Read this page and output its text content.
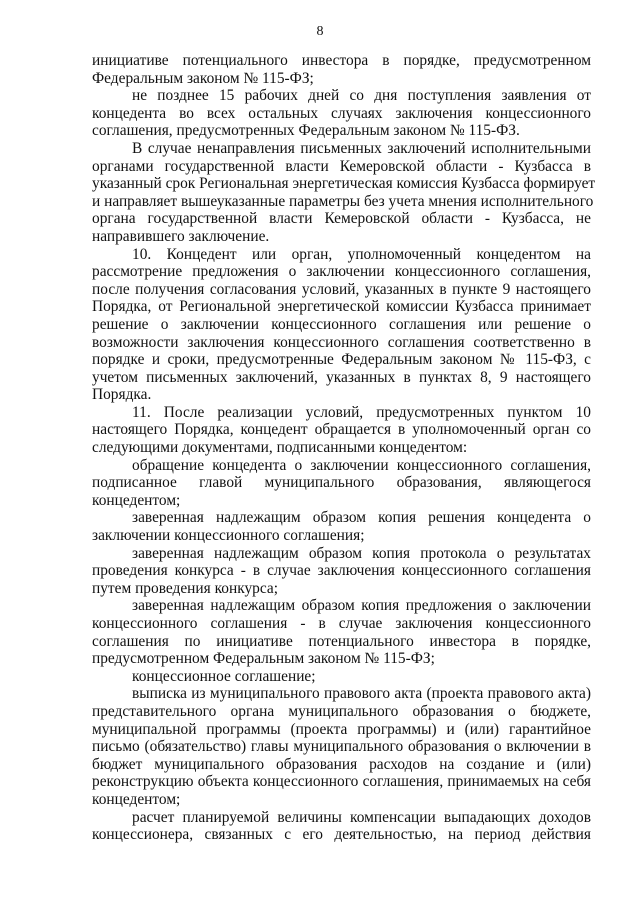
8
инициативе потенциального инвестора в порядке, предусмотренном
Федеральным законом № 115-ФЗ;
не позднее 15 рабочих дней со дня поступления заявления от
концедента во всех остальных случаях заключения концессионного
соглашения, предусмотренных Федеральным законом № 115-ФЗ.
В случае ненаправления письменных заключений исполнительными
органами государственной власти Кемеровской области - Кузбасса в
указанный срок Региональная энергетическая комиссия Кузбасса формирует
и направляет вышеуказанные параметры без учета мнения исполнительного
органа государственной власти Кемеровской области - Кузбасса, не
направившего заключение.
10. Концедент или орган, уполномоченный концедентом на
рассмотрение предложения о заключении концессионного соглашения,
после получения согласования условий, указанных в пункте 9 настоящего
Порядка, от Региональной энергетической комиссии Кузбасса принимает
решение о заключении концессионного соглашения или решение о
возможности заключения концессионного соглашения соответственно в
порядке и сроки, предусмотренные Федеральным законом № 115-ФЗ, с
учетом письменных заключений, указанных в пунктах 8, 9 настоящего
Порядка.
11. После реализации условий, предусмотренных пунктом 10
настоящего Порядка, концедент обращается в уполномоченный орган со
следующими документами, подписанными концедентом:
обращение концедента о заключении концессионного соглашения,
подписанное главой муниципального образования, являющегося
концедентом;
заверенная надлежащим образом копия решения концедента о
заключении концессионного соглашения;
заверенная надлежащим образом копия протокола о результатах
проведения конкурса - в случае заключения концессионного соглашения
путем проведения конкурса;
заверенная надлежащим образом копия предложения о заключении
концессионного соглашения - в случае заключения концессионного
соглашения по инициативе потенциального инвестора в порядке,
предусмотренном Федеральным законом № 115-ФЗ;
концессионное соглашение;
выписка из муниципального правового акта (проекта правового акта)
представительного органа муниципального образования о бюджете,
муниципальной программы (проекта программы) и (или) гарантийное
письмо (обязательство) главы муниципального образования о включении в
бюджет муниципального образования расходов на создание и (или)
реконструкцию объекта концессионного соглашения, принимаемых на себя
концедентом;
расчет планируемой величины компенсации выпадающих доходов
концессионера, связанных с его деятельностью, на период действия
